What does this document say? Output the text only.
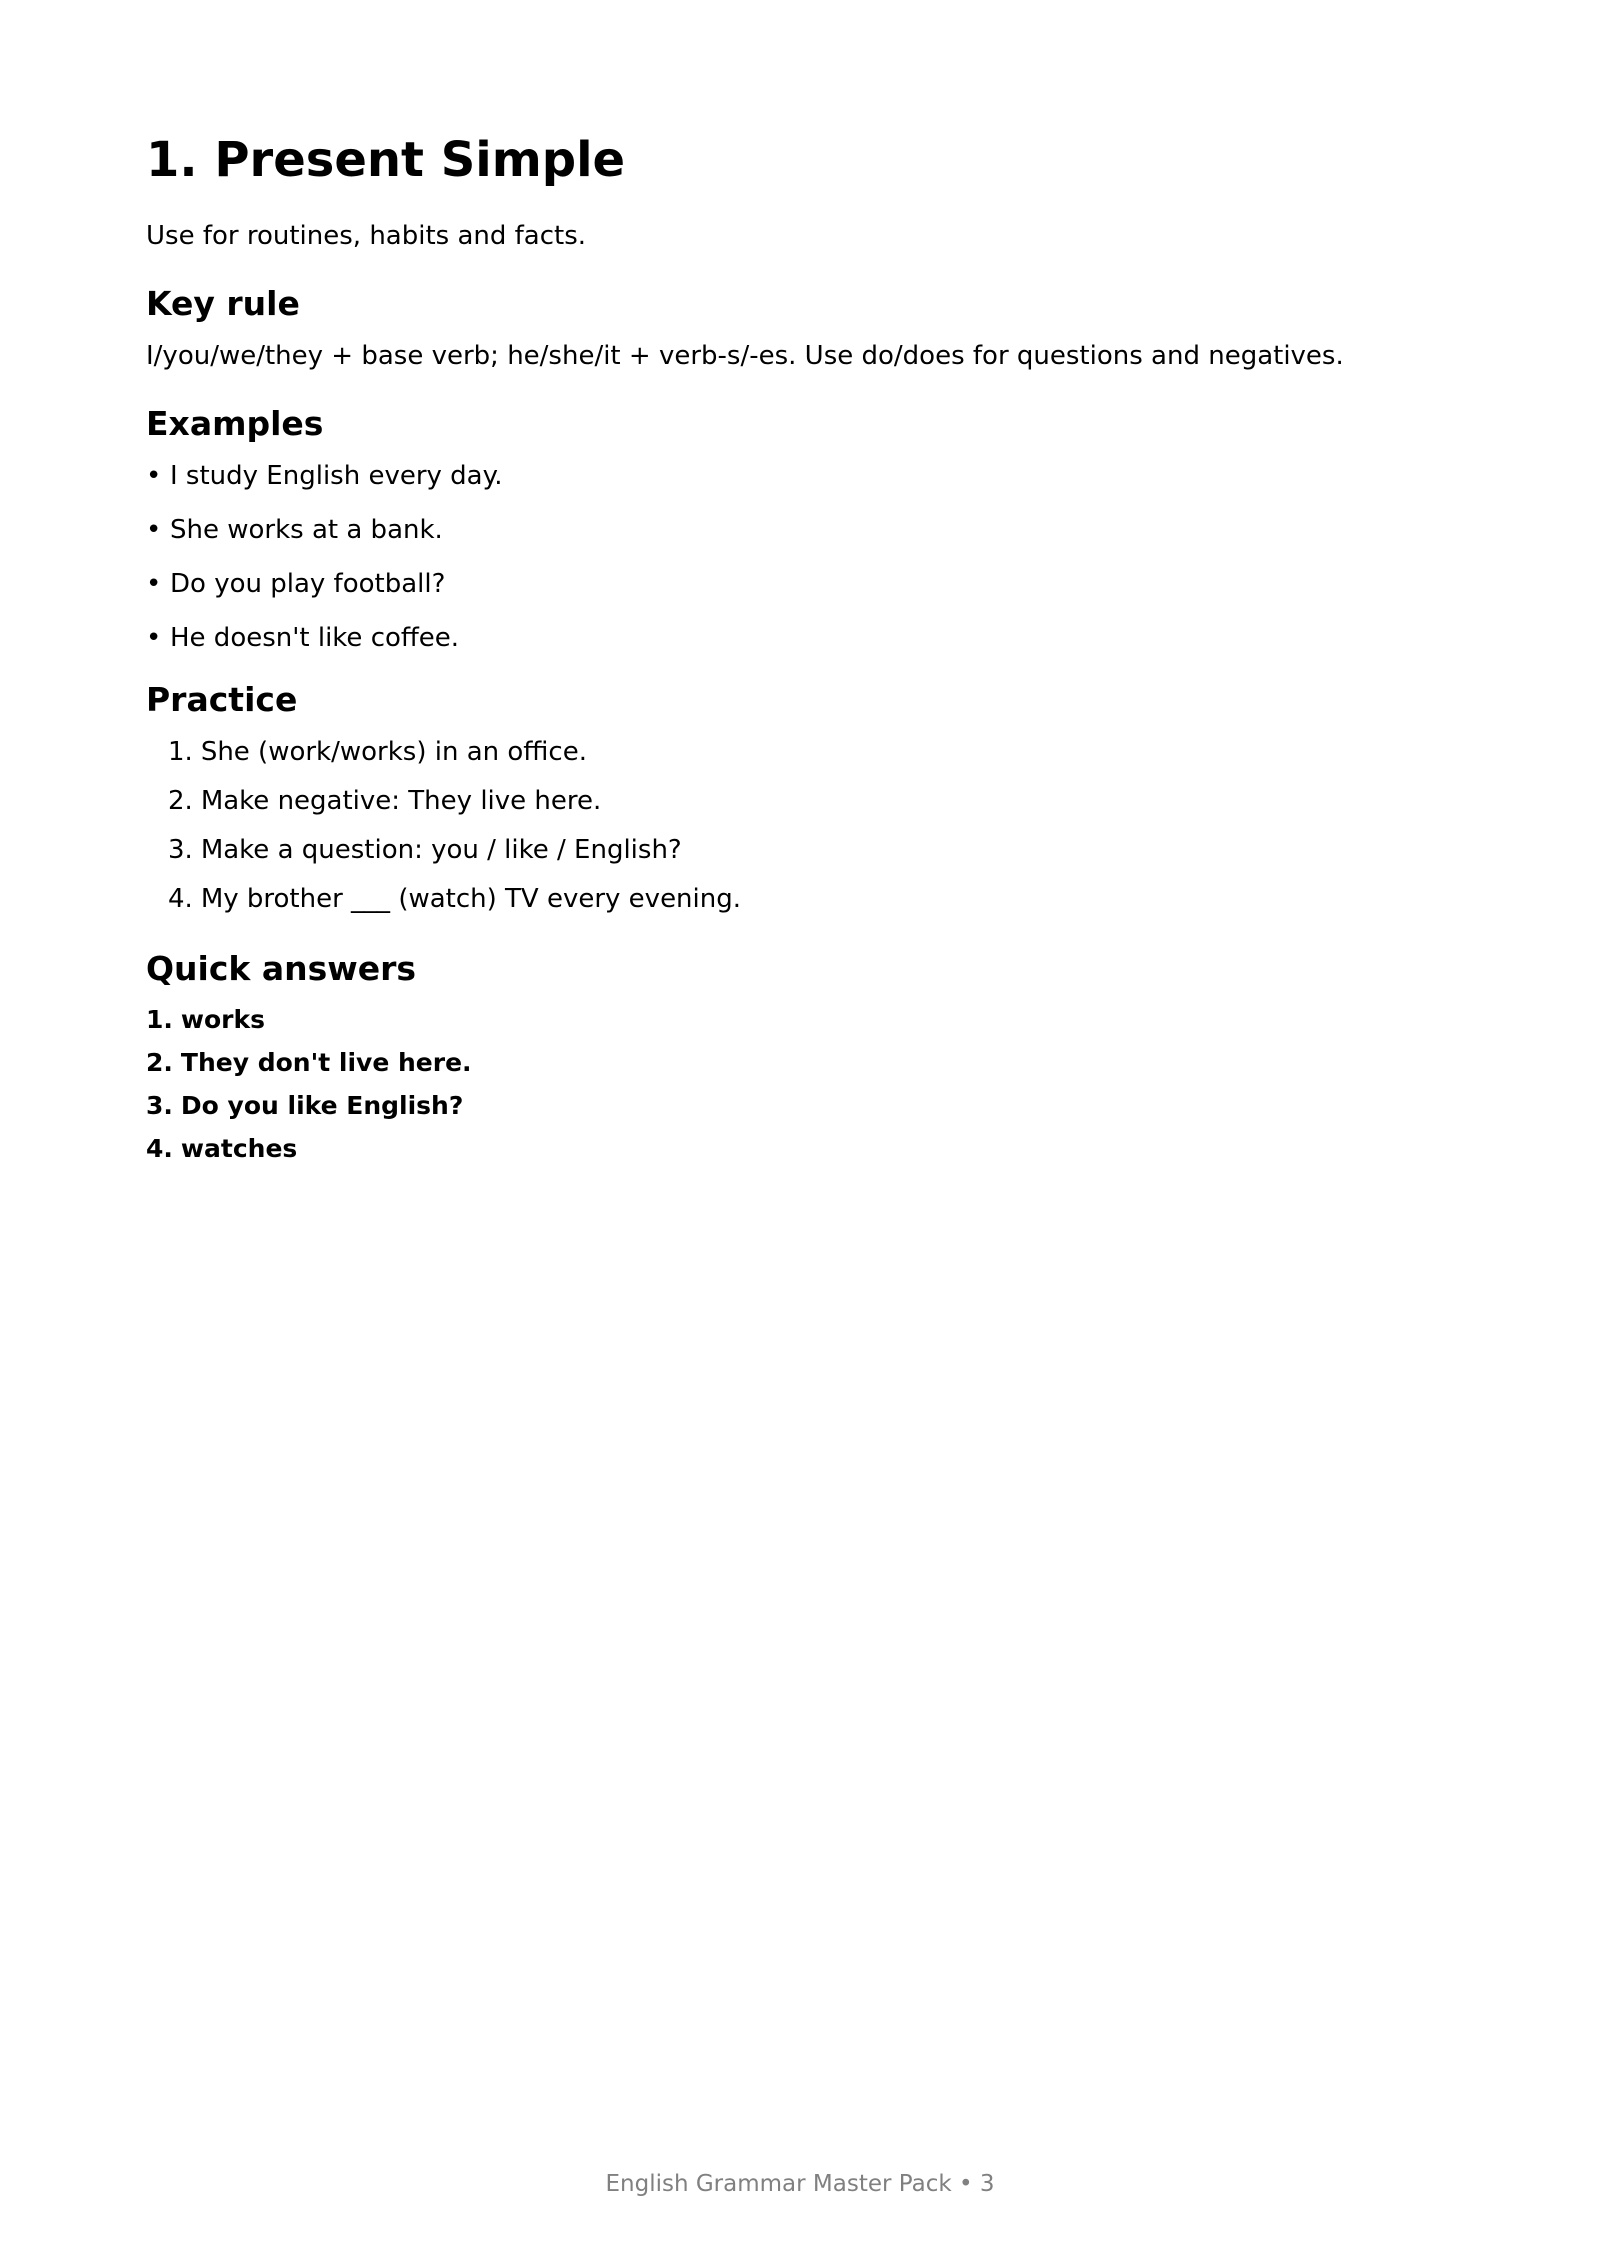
1. Present Simple

Use for routines, habits and facts.

Key rule

I/you/we/they + base verb; he/she/it + verb-s/-es. Use do/does for questions and negatives.

Examples
• I study English every day.
• She works at a bank.
• Do you play football?
• He doesn't like coffee.
Practice
1. She (work/works) in an office.
2. Make negative: They live here.
3. Make a question: you / like / English?
4. My brother ___ (watch) TV every evening.
Quick answers
1. works
2. They don't live here.
3. Do you like English?
4. watches
English Grammar Master Pack • 3
